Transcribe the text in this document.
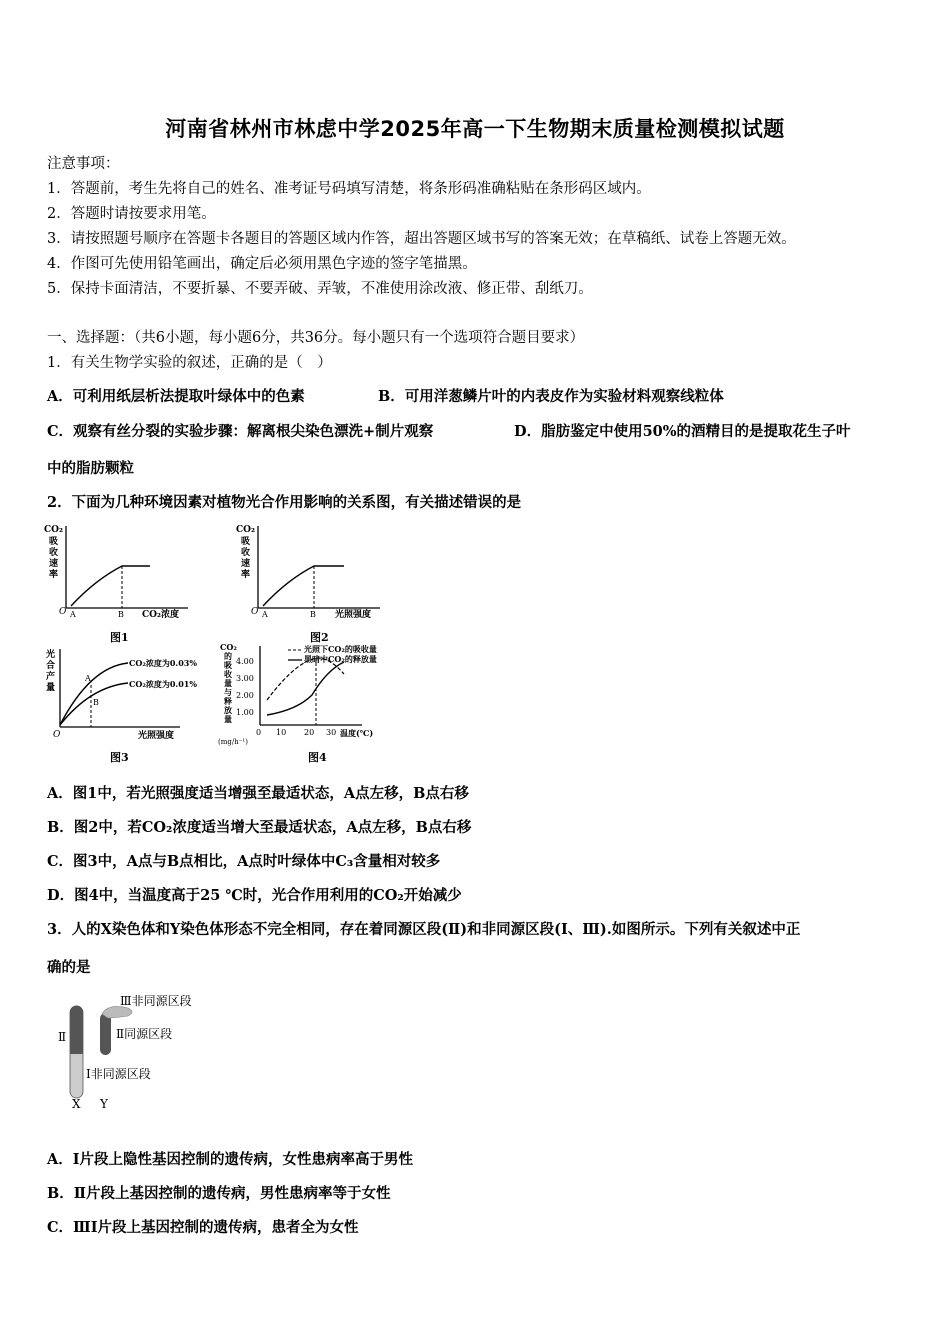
河南省林州市林虑中学2025年高一下生物期末质量检测模拟试题
注意事项：
1．答题前，考生先将自己的姓名、准考证号码填写清楚，将条形码准确粘贴在条形码区域内。
2．答题时请按要求用笔。
3．请按照题号顺序在答题卡各题目的答题区域内作答，超出答题区域书写的答案无效；在草稿纸、试卷上答题无效。
4．作图可先使用铅笔画出，确定后必须用黑色字迹的签字笔描黑。
5．保持卡面清洁，不要折暴、不要弄破、弄皱，不准使用涂改液、修正带、刮纸刀。
一、选择题：（共6小题，每小题6分，共36分。每小题只有一个选项符合题目要求）
1．有关生物学实验的叙述，正确的是（　）
A．可利用纸层析法提取叶绿体中的色素	B．可用洋葱鳞片叶的内表皮作为实验材料观察线粒体
C．观察有丝分裂的实验步骤：解离根尖染色漂洗+制片观察	D．脂肪鉴定中使用50%的酒精目的是提取花生子叶
中的脂肪颗粒
2．下面为几种环境因素对植物光合作用影响的关系图，有关描述错误的是
CO₂
吸
收
速
率
O A	B CO₂浓度
图1
CO₂
吸
收
速
率
O A	B 光照强度
图2
光
合
产
量
A
B
CO₂浓度为0.03%
CO₂浓度为0.01%
O	光照强度
图3
CO₂
的
吸
收
量
与
释
放
量
(mg/h⁻¹)
4.00
3.00
2.00
1.00
光照下CO₂的吸收量
黑暗中CO₂的释放量
0 10 20 30 温度(℃)
图4
A．图1中，若光照强度适当增强至最适状态，A点左移，B点右移
B．图2中，若CO₂浓度适当增大至最适状态，A点左移，B点右移
C．图3中，A点与B点相比，A点时叶绿体中C₃含量相对较多
D．图4中，当温度高于25 ℃时，光合作用利用的CO₂开始减少
3．人的X染色体和Y染色体形态不完全相同，存在着同源区段(Ⅱ)和非同源区段(Ⅰ、Ⅲ).如图所示。下列有关叙述中正
确的是
Ⅱ
Ⅲ非同源区段
Ⅱ同源区段
Ⅰ非同源区段
X Y
A．Ⅰ片段上隐性基因控制的遗传病，女性患病率高于男性
B．Ⅱ片段上基因控制的遗传病，男性患病率等于女性
C．ⅢⅠ片段上基因控制的遗传病，患者全为女性
